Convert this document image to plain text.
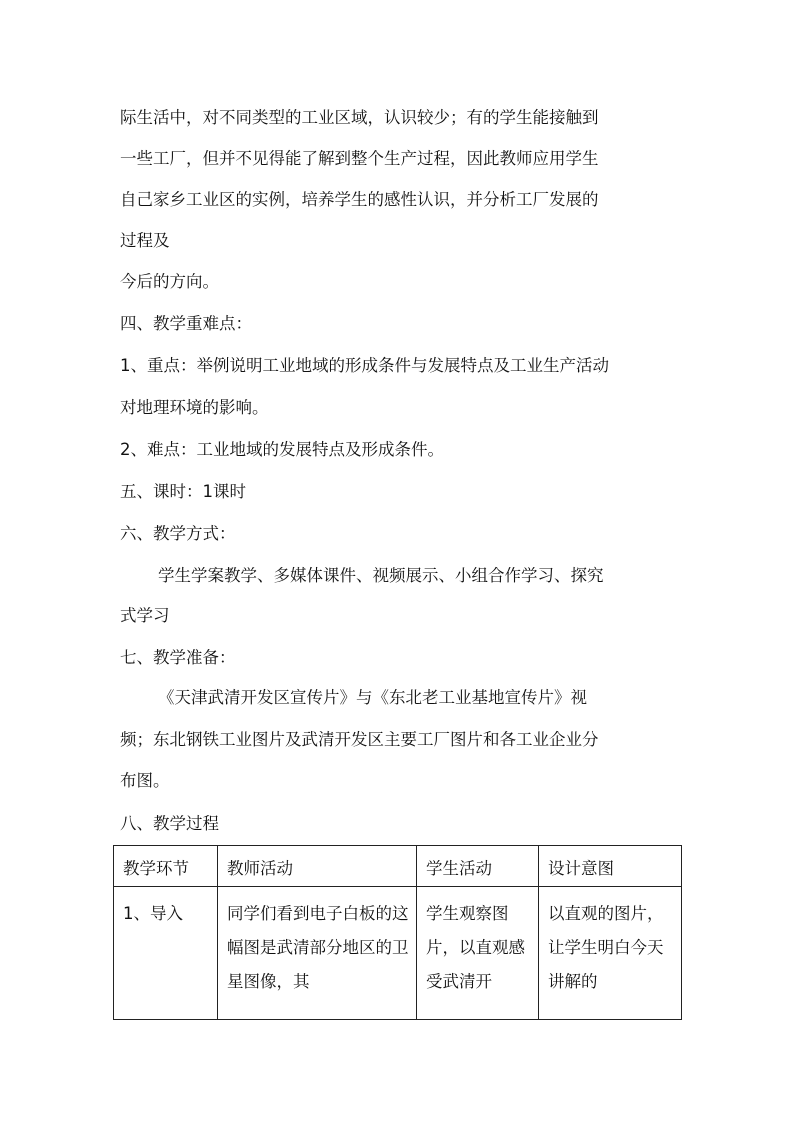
际生活中，对不同类型的工业区域，认识较少；有的学生能接触到
一些工厂，但并不见得能了解到整个生产过程，因此教师应用学生
自己家乡工业区的实例，培养学生的感性认识，并分析工厂发展的
过程及
今后的方向。
四、教学重难点：
1、重点：举例说明工业地域的形成条件与发展特点及工业生产活动
对地理环境的影响。
2、难点：工业地域的发展特点及形成条件。
五、课时：1课时
六、教学方式：
学生学案教学、多媒体课件、视频展示、小组合作学习、探究
式学习
七、教学准备：
《天津武清开发区宣传片》与《东北老工业基地宣传片》视
频；东北钢铁工业图片及武清开发区主要工厂图片和各工业企业分
布图。
八、教学过程
教学环节	教师活动	学生活动	设计意图
1、导入	同学们看到电子白板的这幅图是武清部分地区的卫星图像，其	学生观察图片，以直观感受武清开	以直观的图片，让学生明白今天讲解的
